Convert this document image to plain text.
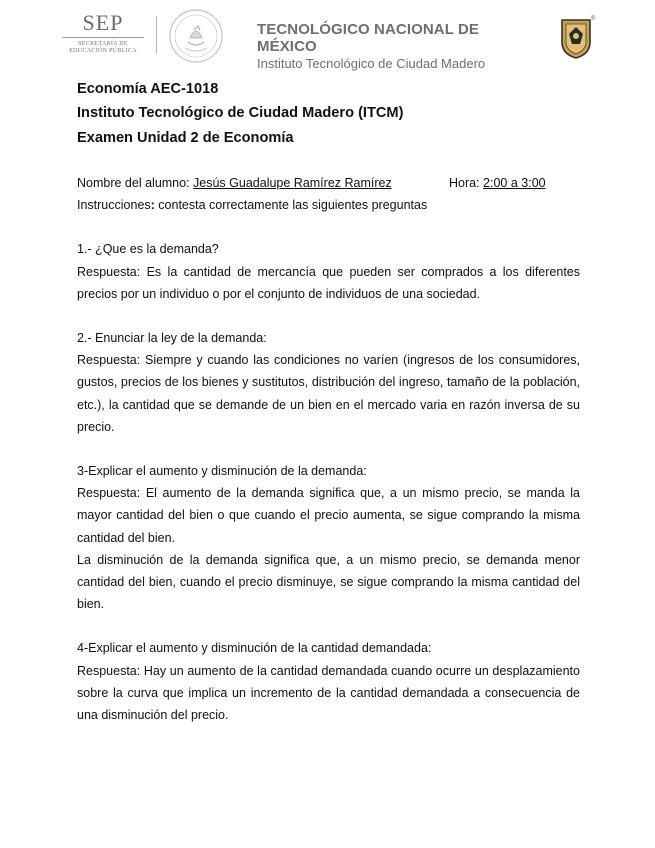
SEP
SECRETARÍA DE
EDUCACIÓN PÚBLICA
TECNOLÓGICO NACIONAL DE MÉXICO
Instituto Tecnológico de Ciudad Madero
®
Economía AEC-1018
Instituto Tecnológico de Ciudad Madero (ITCM)
Examen Unidad 2 de Economía
Nombre del alumno: Jesús Guadalupe Ramírez Ramírez	Hora: 2:00 a 3:00
Instrucciones: contesta correctamente las siguientes preguntas
1.- ¿Que es la demanda?

Respuesta: Es la cantidad de mercancía que pueden ser comprados a los diferentes precios por un individuo o por el conjunto de individuos de una sociedad.

2.- Enunciar la ley de la demanda:

Respuesta: Siempre y cuando las condiciones no varíen (ingresos de los consumidores, gustos, precios de los bienes y sustitutos, distribución del ingreso, tamaño de la población, etc.), la cantidad que se demande de un bien en el mercado varia en razón inversa de su precio.

3-Explicar el aumento y disminución de la demanda:

Respuesta: El aumento de la demanda significa que, a un mismo precio, se manda la mayor cantidad del bien o que cuando el precio aumenta, se sigue comprando la misma cantidad del bien.

La disminución de la demanda significa que, a un mismo precio, se demanda menor cantidad del bien, cuando el precio disminuye, se sigue comprando la misma cantidad del bien.

4-Explicar el aumento y disminución de la cantidad demandada:

Respuesta: Hay un aumento de la cantidad demandada cuando ocurre un desplazamiento sobre la curva que implica un incremento de la cantidad demandada a consecuencia de una disminución del precio.
